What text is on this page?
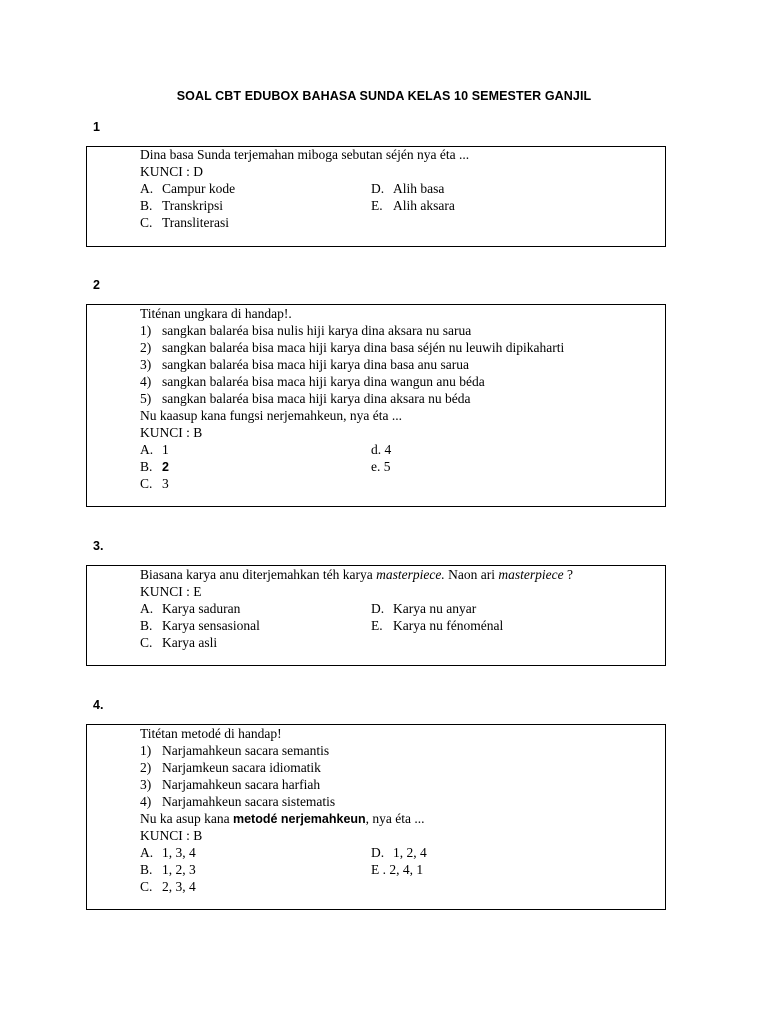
SOAL CBT EDUBOX BAHASA SUNDA KELAS 10 SEMESTER GANJIL
1
Dina basa Sunda terjemahan miboga sebutan séjén nya éta ...
KUNCI : D
A. Campur kode
B. Transkripsi
C. Transliterasi
D. Alih basa
E. Alih aksara
2
Titénan ungkara di handap!.
1) sangkan balaréa bisa nulis hiji karya dina aksara nu sarua
2) sangkan balaréa bisa maca hiji karya dina basa séjén nu leuwih dipikaharti
3) sangkan balaréa bisa maca hiji karya dina basa anu sarua
4) sangkan balaréa bisa maca hiji karya dina wangun anu béda
5) sangkan balaréa bisa maca hiji karya dina aksara nu béda
Nu kaasup kana fungsi nerjemahkeun, nya éta ...
KUNCI : B
A. 1
B. 2
C. 3
d. 4
e. 5
3.
Biasana karya anu diterjemahkan téh karya masterpiece. Naon ari masterpiece ?
KUNCI : E
A. Karya saduran
B. Karya sensasional
C. Karya asli
D. Karya nu anyar
E. Karya nu fénoménal
4.
Titétan metodé di handap!
1) Narjamahkeun sacara semantis
2) Narjamkeun sacara idiomatik
3) Narjamahkeun sacara harfiah
4) Narjamahkeun sacara sistematis
Nu ka asup kana metodé nerjemahkeun, nya éta ...
KUNCI : B
A. 1, 3, 4
B. 1, 2, 3
C. 2, 3, 4
D. 1, 2, 4
E . 2, 4, 1
